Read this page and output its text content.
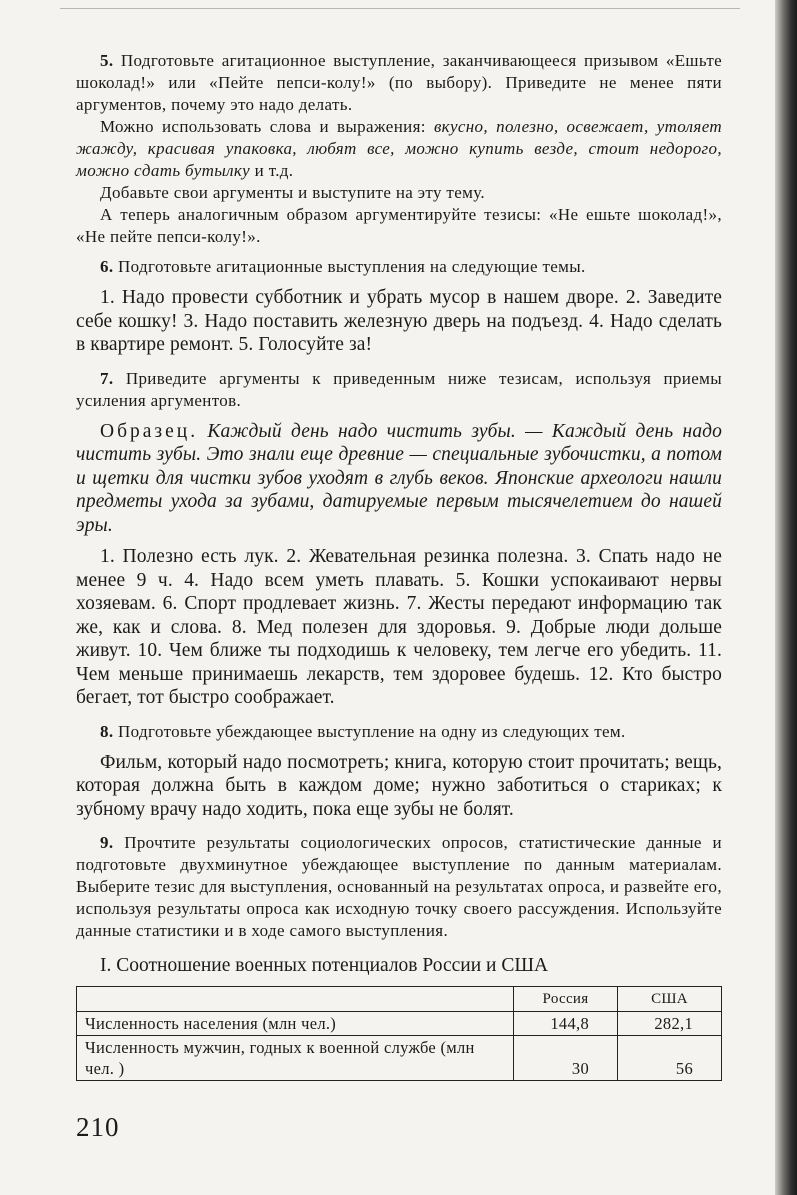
5. Подготовьте агитационное выступление, заканчивающееся призывом «Ешьте шоколад!» или «Пейте пепси-колу!» (по выбору). Приведите не менее пяти аргументов, почему это надо делать.

Можно использовать слова и выражения: вкусно, полезно, освежает, утоляет жажду, красивая упаковка, любят все, можно купить везде, стоит недорого, можно сдать бутылку и т.д.

Добавьте свои аргументы и выступите на эту тему.

А теперь аналогичным образом аргументируйте тезисы: «Не ешьте шоколад!», «Не пейте пепси-колу!».

6. Подготовьте агитационные выступления на следующие темы.

1. Надо провести субботник и убрать мусор в нашем дворе. 2. Заведите себе кошку! 3. Надо поставить железную дверь на подъезд. 4. Надо сделать в квартире ремонт. 5. Голосуйте за!

7. Приведите аргументы к приведенным ниже тезисам, используя приемы усиления аргументов.

Образец. Каждый день надо чистить зубы. — Каждый день надо чистить зубы. Это знали еще древние — специальные зубочистки, а потом и щетки для чистки зубов уходят в глубь веков. Японские археологи нашли предметы ухода за зубами, датируемые первым тысячелетием до нашей эры.

1. Полезно есть лук. 2. Жевательная резинка полезна. 3. Спать надо не менее 9 ч. 4. Надо всем уметь плавать. 5. Кошки успокаивают нервы хозяевам. 6. Спорт продлевает жизнь. 7. Жесты передают информацию так же, как и слова. 8. Мед полезен для здоровья. 9. Добрые люди дольше живут. 10. Чем ближе ты подходишь к человеку, тем легче его убедить. 11. Чем меньше принимаешь лекарств, тем здоровее будешь. 12. Кто быстро бегает, тот быстро соображает.

8. Подготовьте убеждающее выступление на одну из следующих тем.

Фильм, который надо посмотреть; книга, которую стоит прочитать; вещь, которая должна быть в каждом доме; нужно заботиться о стариках; к зубному врачу надо ходить, пока еще зубы не болят.

9. Прочтите результаты социологических опросов, статистические данные и подготовьте двухминутное убеждающее выступление по данным материалам. Выберите тезис для выступления, основанный на результатах опроса, и развейте его, используя результаты опроса как исходную точку своего рассуждения. Используйте данные статистики и в ходе самого выступления.

I. Соотношение военных потенциалов России и США

	Россия	США
Численность населения (млн чел.)	144,8	282,1
Численность мужчин, годных к военной службе (млн чел. )	30	56
210
